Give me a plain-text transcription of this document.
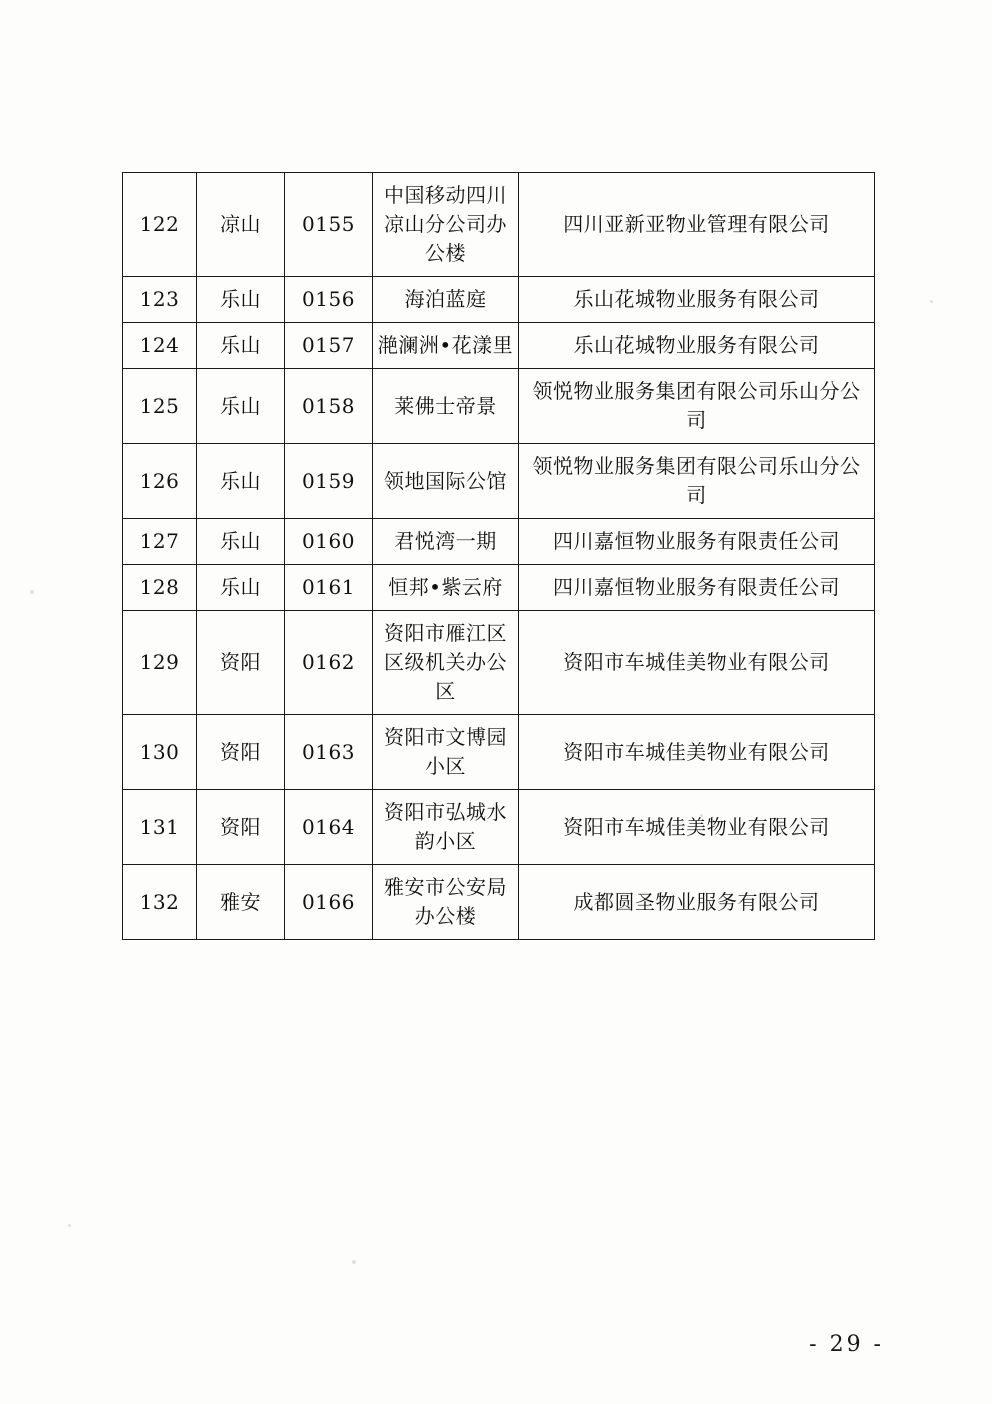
122	凉山	0155	中国移动四川凉山分公司办公楼	四川亚新亚物业管理有限公司
123	乐山	0156	海泊蓝庭	乐山花城物业服务有限公司
124	乐山	0157	滟澜洲•花漾里	乐山花城物业服务有限公司
125	乐山	0158	莱佛士帝景	领悦物业服务集团有限公司乐山分公司
126	乐山	0159	领地国际公馆	领悦物业服务集团有限公司乐山分公司
127	乐山	0160	君悦湾一期	四川嘉恒物业服务有限责任公司
128	乐山	0161	恒邦•紫云府	四川嘉恒物业服务有限责任公司
129	资阳	0162	资阳市雁江区区级机关办公区	资阳市车城佳美物业有限公司
130	资阳	0163	资阳市文博园小区	资阳市车城佳美物业有限公司
131	资阳	0164	资阳市弘城水韵小区	资阳市车城佳美物业有限公司
132	雅安	0166	雅安市公安局办公楼	成都圆圣物业服务有限公司
- 29 -
